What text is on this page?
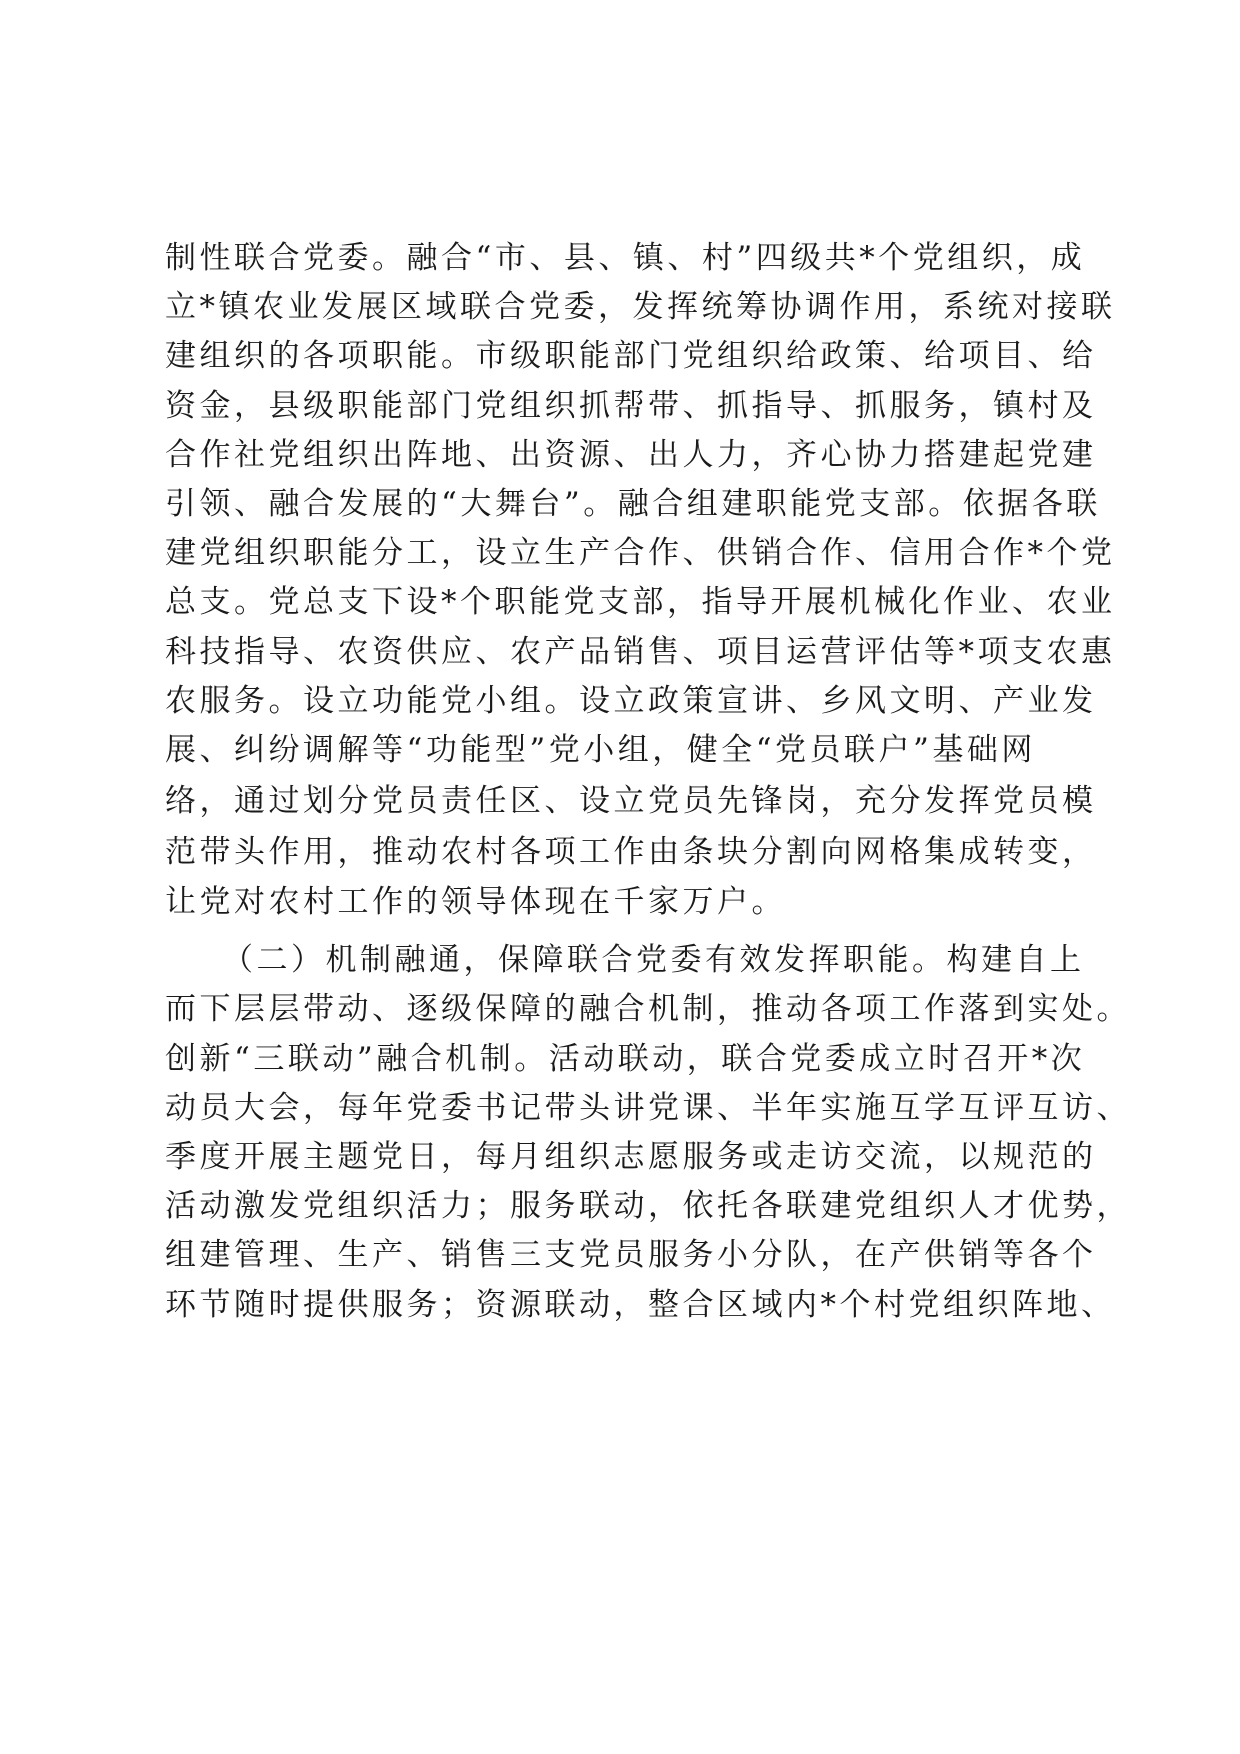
制性联合党委。融合“市、县、镇、村”四级共*个党组织，成
立*镇农业发展区域联合党委，发挥统筹协调作用，系统对接联
建组织的各项职能。市级职能部门党组织给政策、给项目、给
资金，县级职能部门党组织抓帮带、抓指导、抓服务，镇村及
合作社党组织出阵地、出资源、出人力，齐心协力搭建起党建
引领、融合发展的“大舞台”。融合组建职能党支部。依据各联
建党组织职能分工，设立生产合作、供销合作、信用合作*个党
总支。党总支下设*个职能党支部，指导开展机械化作业、农业
科技指导、农资供应、农产品销售、项目运营评估等*项支农惠
农服务。设立功能党小组。设立政策宣讲、乡风文明、产业发
展、纠纷调解等“功能型”党小组，健全“党员联户”基础网
络，通过划分党员责任区、设立党员先锋岗，充分发挥党员模
范带头作用，推动农村各项工作由条块分割向网格集成转变，
让党对农村工作的领导体现在千家万户。
（二）机制融通，保障联合党委有效发挥职能。构建自上
而下层层带动、逐级保障的融合机制，推动各项工作落到实处。
创新“三联动”融合机制。活动联动，联合党委成立时召开*次
动员大会，每年党委书记带头讲党课、半年实施互学互评互访、
季度开展主题党日，每月组织志愿服务或走访交流，以规范的
活动激发党组织活力；服务联动，依托各联建党组织人才优势，
组建管理、生产、销售三支党员服务小分队，在产供销等各个
环节随时提供服务；资源联动，整合区域内*个村党组织阵地、
